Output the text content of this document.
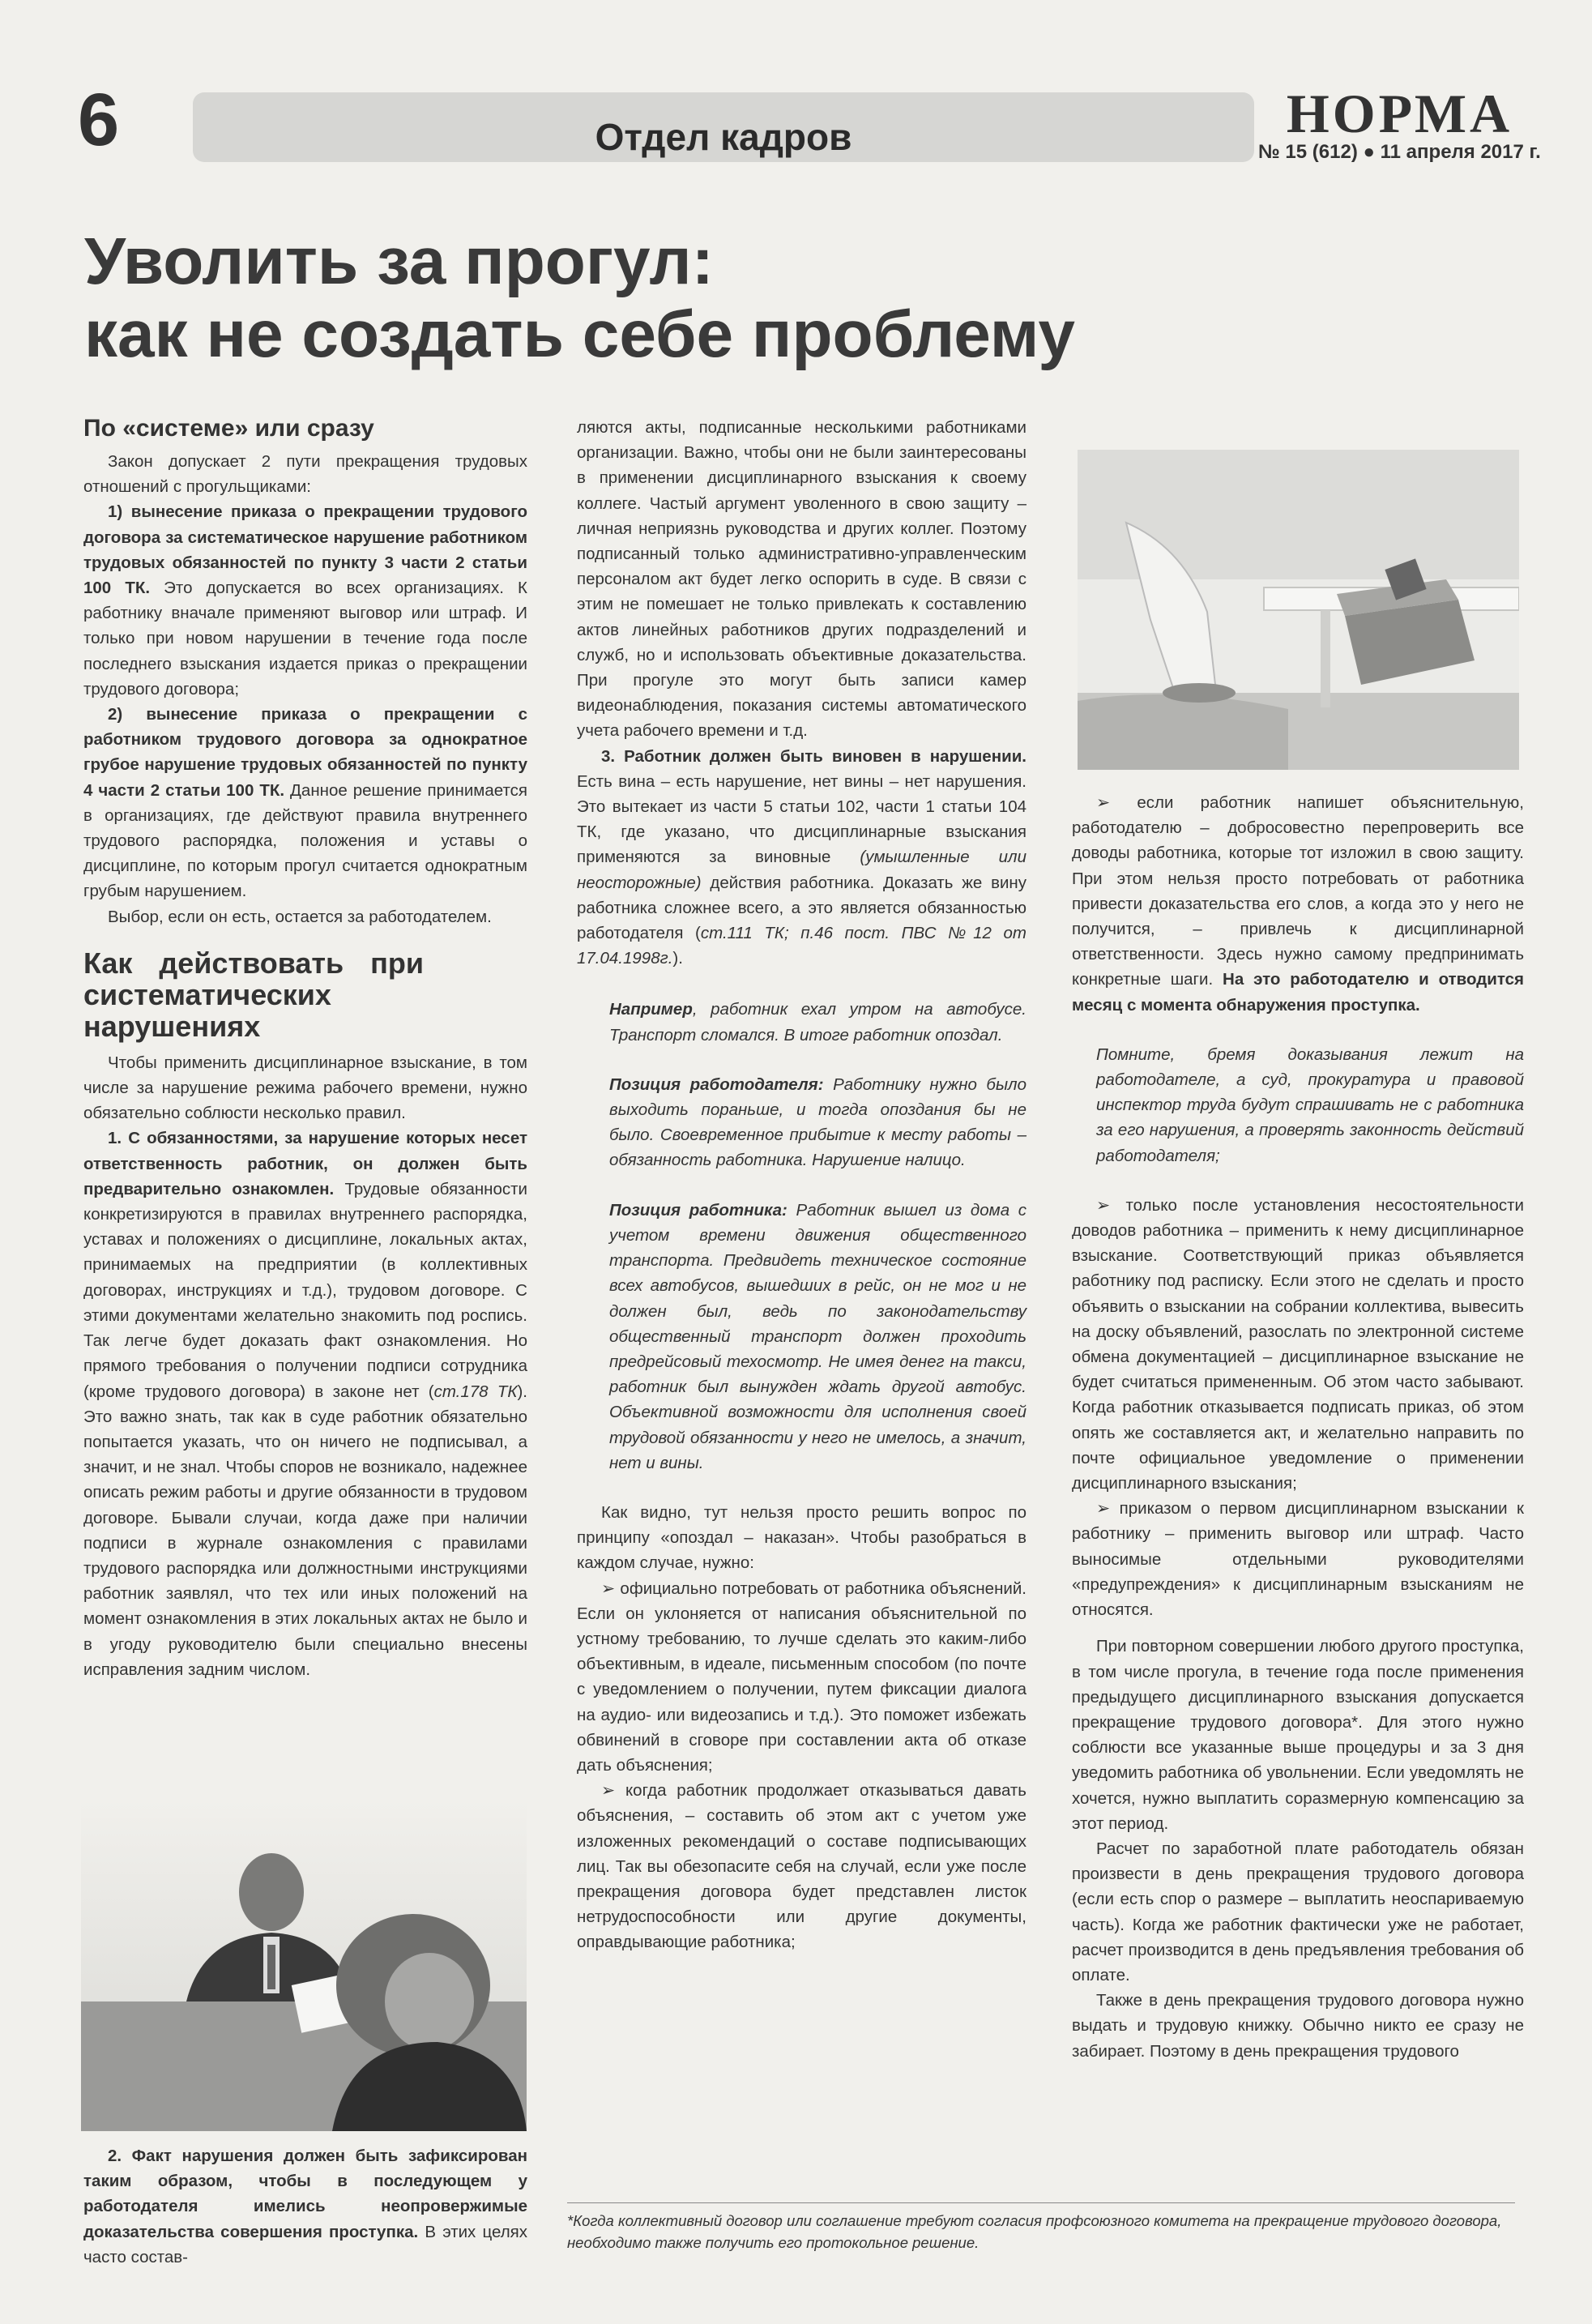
6	Отдел кадров	НОРМА
№ 15 (612) ● 11 апреля 2017 г.
Уволить за прогул:
как не создать себе проблему
По «системе» или сразу

Закон допускает 2 пути прекращения трудовых отношений с прогульщиками:

1) вынесение приказа о прекращении трудового договора за систематическое нарушение работником трудовых обязанностей по пункту 3 части 2 статьи 100 ТК. Это допускается во всех организациях. К работнику вначале применяют выговор или штраф. И только при новом нарушении в течение года после последнего взыскания издается приказ о прекращении трудового договора;

2) вынесение приказа о прекращении с работником трудового договора за однократное грубое нарушение трудовых обязанностей по пункту 4 части 2 статьи 100 ТК. Данное решение принимается в организациях, где действуют правила внутреннего трудового распорядка, положения и уставы о дисциплине, по которым прогул считается однократным грубым нарушением.

Выбор, если он есть, остается за работодателем.

Как действовать при систематических нарушениях

Чтобы применить дисциплинарное взыскание, в том числе за нарушение режима рабочего времени, нужно обязательно соблюсти несколько правил.

1. С обязанностями, за нарушение которых несет ответственность работник, он должен быть предварительно ознакомлен. Трудовые обязанности конкретизируются в правилах внутреннего распорядка, уставах и положениях о дисциплине, локальных актах, принимаемых на предприятии (в коллективных договорах, инструкциях и т.д.), трудовом договоре. С этими документами желательно знакомить под роспись. Так легче будет доказать факт ознакомления. Но прямого требования о получении подписи сотрудника (кроме трудового договора) в законе нет (ст.178 ТК). Это важно знать, так как в суде работник обязательно попытается указать, что он ничего не подписывал, а значит, и не знал. Чтобы споров не возникало, надежнее описать режим работы и другие обязанности в трудовом договоре. Бывали случаи, когда даже при наличии подписи в журнале ознакомления с правилами трудового распорядка или должностными инструкциями работник заявлял, что тех или иных положений на момент ознакомления в этих локальных актах не было и в угоду руководителю были специально внесены исправления задним числом.

2. Факт нарушения должен быть зафиксирован таким образом, чтобы в последующем у работодателя имелись неопровержимые доказательства совершения проступка. В этих целях часто состав-

ляются акты, подписанные несколькими работниками организации. Важно, чтобы они не были заинтересованы в применении дисциплинарного взыскания к своему коллеге. Частый аргумент уволенного в свою защиту – личная неприязнь руководства и других коллег. Поэтому подписанный только административно-управленческим персоналом акт будет легко оспорить в суде. В связи с этим не помешает не только привлекать к составлению актов линейных работников других подразделений и служб, но и использовать объективные доказательства. При прогуле это могут быть записи камер видеонаблюдения, показания системы автоматического учета рабочего времени и т.д.

3. Работник должен быть виновен в нарушении. Есть вина – есть нарушение, нет вины – нет нарушения. Это вытекает из части 5 статьи 102, части 1 статьи 104 ТК, где указано, что дисциплинарные взыскания применяются за виновные (умышленные или неосторожные) действия работника. Доказать же вину работника сложнее всего, а это является обязанностью работодателя (ст.111 ТК; п.46 пост. ПВС №12 от 17.04.1998г.).

Например, работник ехал утром на автобусе. Транспорт сломался. В итоге работник опоздал.

Позиция работодателя: Работнику нужно было выходить пораньше, и тогда опоздания бы не было. Своевременное прибытие к месту работы – обязанность работника. Нарушение налицо.

Позиция работника: Работник вышел из дома с учетом времени движения общественного транспорта. Предвидеть техническое состояние всех автобусов, вышедших в рейс, он не мог и не должен был, ведь по законодательству общественный транспорт должен проходить предрейсовый техосмотр. Не имея денег на такси, работник был вынужден ждать другой автобус. Объективной возможности для исполнения своей трудовой обязанности у него не имелось, а значит, нет и вины.

Как видно, тут нельзя просто решить вопрос по принципу «опоздал – наказан». Чтобы разобраться в каждом случае, нужно:

➢ официально потребовать от работника объяснений. Если он уклоняется от написания объяснительной по устному требованию, то лучше сделать это каким-либо объективным, в идеале, письменным способом (по почте с уведомлением о получении, путем фиксации диалога на аудио- или видеозапись и т.д.). Это поможет избежать обвинений в сговоре при составлении акта об отказе дать объяснения;

➢ когда работник продолжает отказываться давать объяснения, – составить об этом акт с учетом уже изложенных рекомендаций о составе подписывающих лиц. Так вы обезопасите себя на случай, если уже после прекращения договора будет представлен листок нетрудоспособности или другие документы, оправдывающие работника;

➢ если работник напишет объяснительную, работодателю – добросовестно перепроверить все доводы работника, которые тот изложил в свою защиту. При этом нельзя просто потребовать от работника привести доказательства его слов, а когда это у него не получится, – привлечь к дисциплинарной ответственности. Здесь нужно самому предпринимать конкретные шаги. На это работодателю и отводится месяц с момента обнаружения проступка.

Помните, бремя доказывания лежит на работодателе, а суд, прокуратура и правовой инспектор труда будут спрашивать не с работника за его нарушения, а проверять законность действий работодателя;

➢ только после установления несостоятельности доводов работника – применить к нему дисциплинарное взыскание. Соответствующий приказ объявляется работнику под расписку. Если этого не сделать и просто объявить о взыскании на собрании коллектива, вывесить на доску объявлений, разослать по электронной системе обмена документацией – дисциплинарное взыскание не будет считаться примененным. Об этом часто забывают. Когда работник отказывается подписать приказ, об этом опять же составляется акт, и желательно направить по почте официальное уведомление о применении дисциплинарного взыскания;

➢ приказом о первом дисциплинарном взыскании к работнику – применить выговор или штраф. Часто выносимые отдельными руководителями «предупреждения» к дисциплинарным взысканиям не относятся.

При повторном совершении любого другого проступка, в том числе прогула, в течение года после применения предыдущего дисциплинарного взыскания допускается прекращение трудового договора*. Для этого нужно соблюсти все указанные выше процедуры и за 3 дня уведомить работника об увольнении. Если уведомлять не хочется, нужно выплатить соразмерную компенсацию за этот период.

Расчет по заработной плате работодатель обязан произвести в день прекращения трудового договора (если есть спор о размере – выплатить неоспариваемую часть). Когда же работник фактически уже не работает, расчет производится в день предъявления требования об оплате.

Также в день прекращения трудового договора нужно выдать и трудовую книжку. Обычно никто ее сразу не забирает. Поэтому в день прекращения трудового

*Когда коллективный договор или соглашение требуют согласия профсоюзного комитета на прекращение трудового договора, необходимо также получить его протокольное решение.
